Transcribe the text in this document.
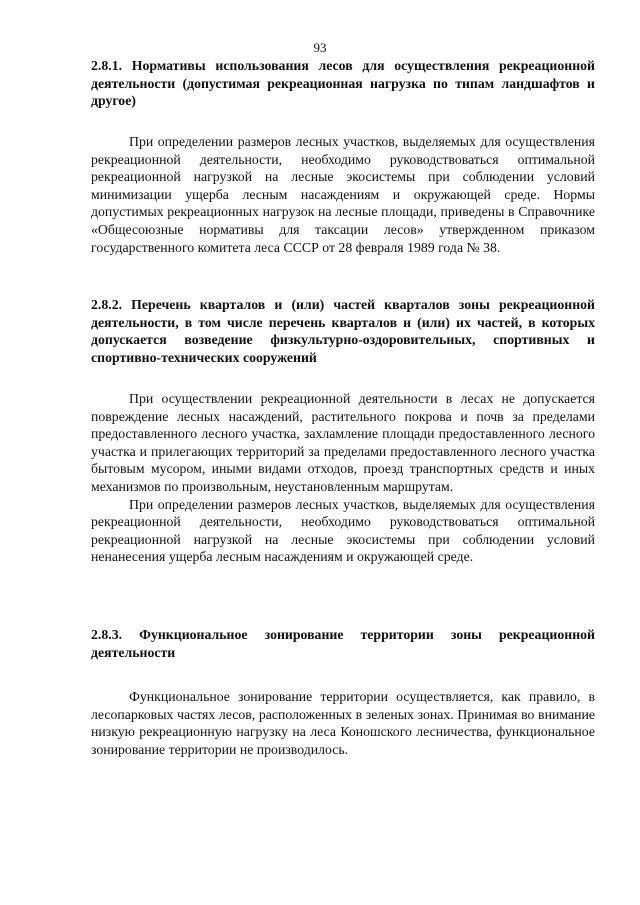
93
2.8.1. Нормативы использования лесов для осуществления рекреационной деятельности (допустимая рекреационная нагрузка по типам ландшафтов и другое)

При определении размеров лесных участков, выделяемых для осуществления рекреационной деятельности, необходимо руководствоваться оптимальной рекреационной нагрузкой на лесные экосистемы при соблюдении условий минимизации ущерба лесным насаждениям и окружающей среде. Нормы допустимых рекреационных нагрузок на лесные площади, приведены в Справочнике «Общесоюзные нормативы для таксации лесов» утвержденном приказом государственного комитета леса СССР от 28 февраля 1989 года № 38.

2.8.2. Перечень кварталов и (или) частей кварталов зоны рекреационной деятельности, в том числе перечень кварталов и (или) их частей, в которых допускается возведение физкультурно-оздоровительных, спортивных и спортивно-технических сооружений

При осуществлении рекреационной деятельности в лесах не допускается повреждение лесных насаждений, растительного покрова и почв за пределами предоставленного лесного участка, захламление площади предоставленного лесного участка и прилегающих территорий за пределами предоставленного лесного участка бытовым мусором, иными видами отходов, проезд транспортных средств и иных механизмов по произвольным, неустановленным маршрутам.

При определении размеров лесных участков, выделяемых для осуществления рекреационной деятельности, необходимо руководствоваться оптимальной рекреационной нагрузкой на лесные экосистемы при соблюдении условий ненанесения ущерба лесным насаждениям и окружающей среде.

2.8.3. Функциональное зонирование территории зоны рекреационной деятельности

Функциональное зонирование территории осуществляется, как правило, в лесопарковых частях лесов, расположенных в зеленых зонах. Принимая во внимание низкую рекреационную нагрузку на леса Коношского лесничества, функциональное зонирование территории не производилось.
